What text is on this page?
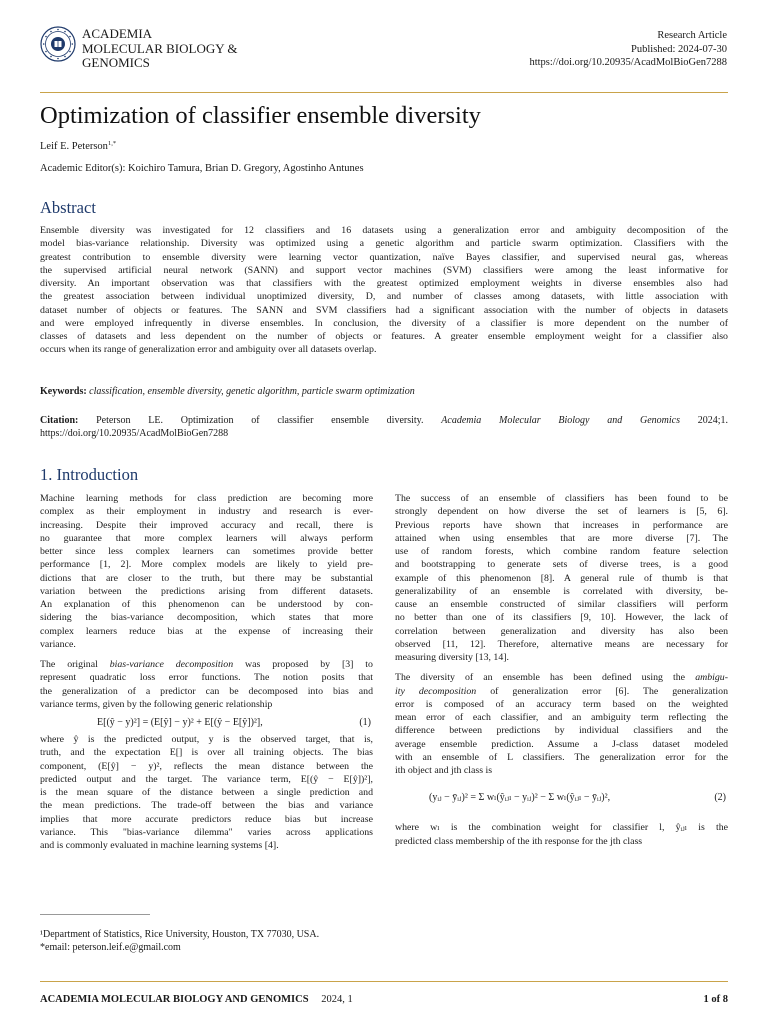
ACADEMIA
MOLECULAR BIOLOGY &
GENOMICS
Research Article
Published: 2024-07-30
https://doi.org/10.20935/AcadMolBioGen7288
Optimization of classifier ensemble diversity
Leif E. Peterson$^{1,*}$
Academic Editor(s): Koichiro Tamura, Brian D. Gregory, Agostinho Antunes
Abstract
Ensemble diversity was investigated for 12 classifiers and 16 datasets using a generalization error and ambiguity decomposition of the
model bias-variance relationship. Diversity was optimized using a genetic algorithm and particle swarm optimization. Classifiers with the
greatest contribution to ensemble diversity were learning vector quantization, naïve Bayes classifier, and supervised neural gas, whereas
the supervised artificial neural network (SANN) and support vector machines (SVM) classifiers were among the least informative for
diversity. An important observation was that classifiers with the greatest optimized employment weights in diverse ensembles also had
the greatest association between individual unoptimized diversity, D, and number of classes among datasets, with little association with
dataset number of objects or features. The SANN and SVM classifiers had a significant association with the number of objects in datasets
and were employed infrequently in diverse ensembles. In conclusion, the diversity of a classifier is more dependent on the number of
classes of datasets and less dependent on the number of objects or features. A greater ensemble employment weight for a classifier also
occurs when its range of generalization error and ambiguity over all datasets overlap.
Keywords: classification, ensemble diversity, genetic algorithm, particle swarm optimization
Citation: Peterson LE. Optimization of classifier ensemble diversity. Academia Molecular Biology and Genomics 2024;1.
https://doi.org/10.20935/AcadMolBioGen7288
1. Introduction
Machine learning methods for class prediction are becoming more
complex as their employment in industry and research is ever-
increasing. Despite their improved accuracy and recall, there is
no guarantee that more complex learners will always perform
better since less complex learners can sometimes provide better
performance [1, 2]. More complex models are likely to yield pre-
dictions that are closer to the truth, but there may be substantial
variation between the predictions arising from different datasets.
An explanation of this phenomenon can be understood by con-
sidering the bias-variance decomposition, which states that more
complex learners reduce bias at the expense of increasing their
variance.
The original bias-variance decomposition was proposed by [3] to
represent quadratic loss error functions. The notion posits that
the generalization of a predictor can be decomposed into bias and
variance terms, given by the following generic relationship
E[(ŷ − y)²] = (E[ŷ] − y)² + E[(ŷ − E[ŷ])²],	(1)
where ŷ is the predicted output, y is the observed target, that is,
truth, and the expectation E[] is over all training objects. The bias
component, (E[ŷ] − y)², reflects the mean distance between the
predicted output and the target. The variance term, E[(ŷ − E[ŷ])²],
is the mean square of the distance between a single prediction and
the mean predictions. The trade-off between the bias and variance
implies that more accurate predictors reduce bias but increase
variance. This "bias-variance dilemma" varies across applications
and is commonly evaluated in machine learning systems [4].
The success of an ensemble of classifiers has been found to be
strongly dependent on how diverse the set of learners is [5, 6].
Previous reports have shown that increases in performance are
attained when using ensembles that are more diverse [7]. The
use of random forests, which combine random feature selection
and bootstrapping to generate sets of diverse trees, is a good
example of this phenomenon [8]. A general rule of thumb is that
generalizability of an ensemble is correlated with diversity, be-
cause an ensemble constructed of similar classifiers will perform
no better than one of its classifiers [9, 10]. However, the lack of
correlation between generalization and diversity has also been
observed [11, 12]. Therefore, alternative means are necessary for
measuring diversity [13, 14].
The diversity of an ensemble has been defined using the ambigu-
ity decomposition of generalization error [6]. The generalization
error is composed of an accuracy term based on the weighted
mean error of each classifier, and an ambiguity term reflecting the
difference between predictions by individual classifiers and the
average ensemble prediction. Assume a J-class dataset modeled
with an ensemble of L classifiers. The generalization error for the
ith object and jth class is
(yᵢⱼ − ȳᵢⱼ)² = Σ wₗ(ŷᵢⱼₗ − yᵢⱼ)² − Σ wₗ(ŷᵢⱼₗ − ȳᵢⱼ)²,	(2)
where wₗ is the combination weight for classifier l, ŷᵢⱼₗ is the
predicted class membership of the ith response for the jth class
¹Department of Statistics, Rice University, Houston, TX 77030, USA.
*email: peterson.leif.e@gmail.com
ACADEMIA MOLECULAR BIOLOGY AND GENOMICS 2024, 1	1 of 8
